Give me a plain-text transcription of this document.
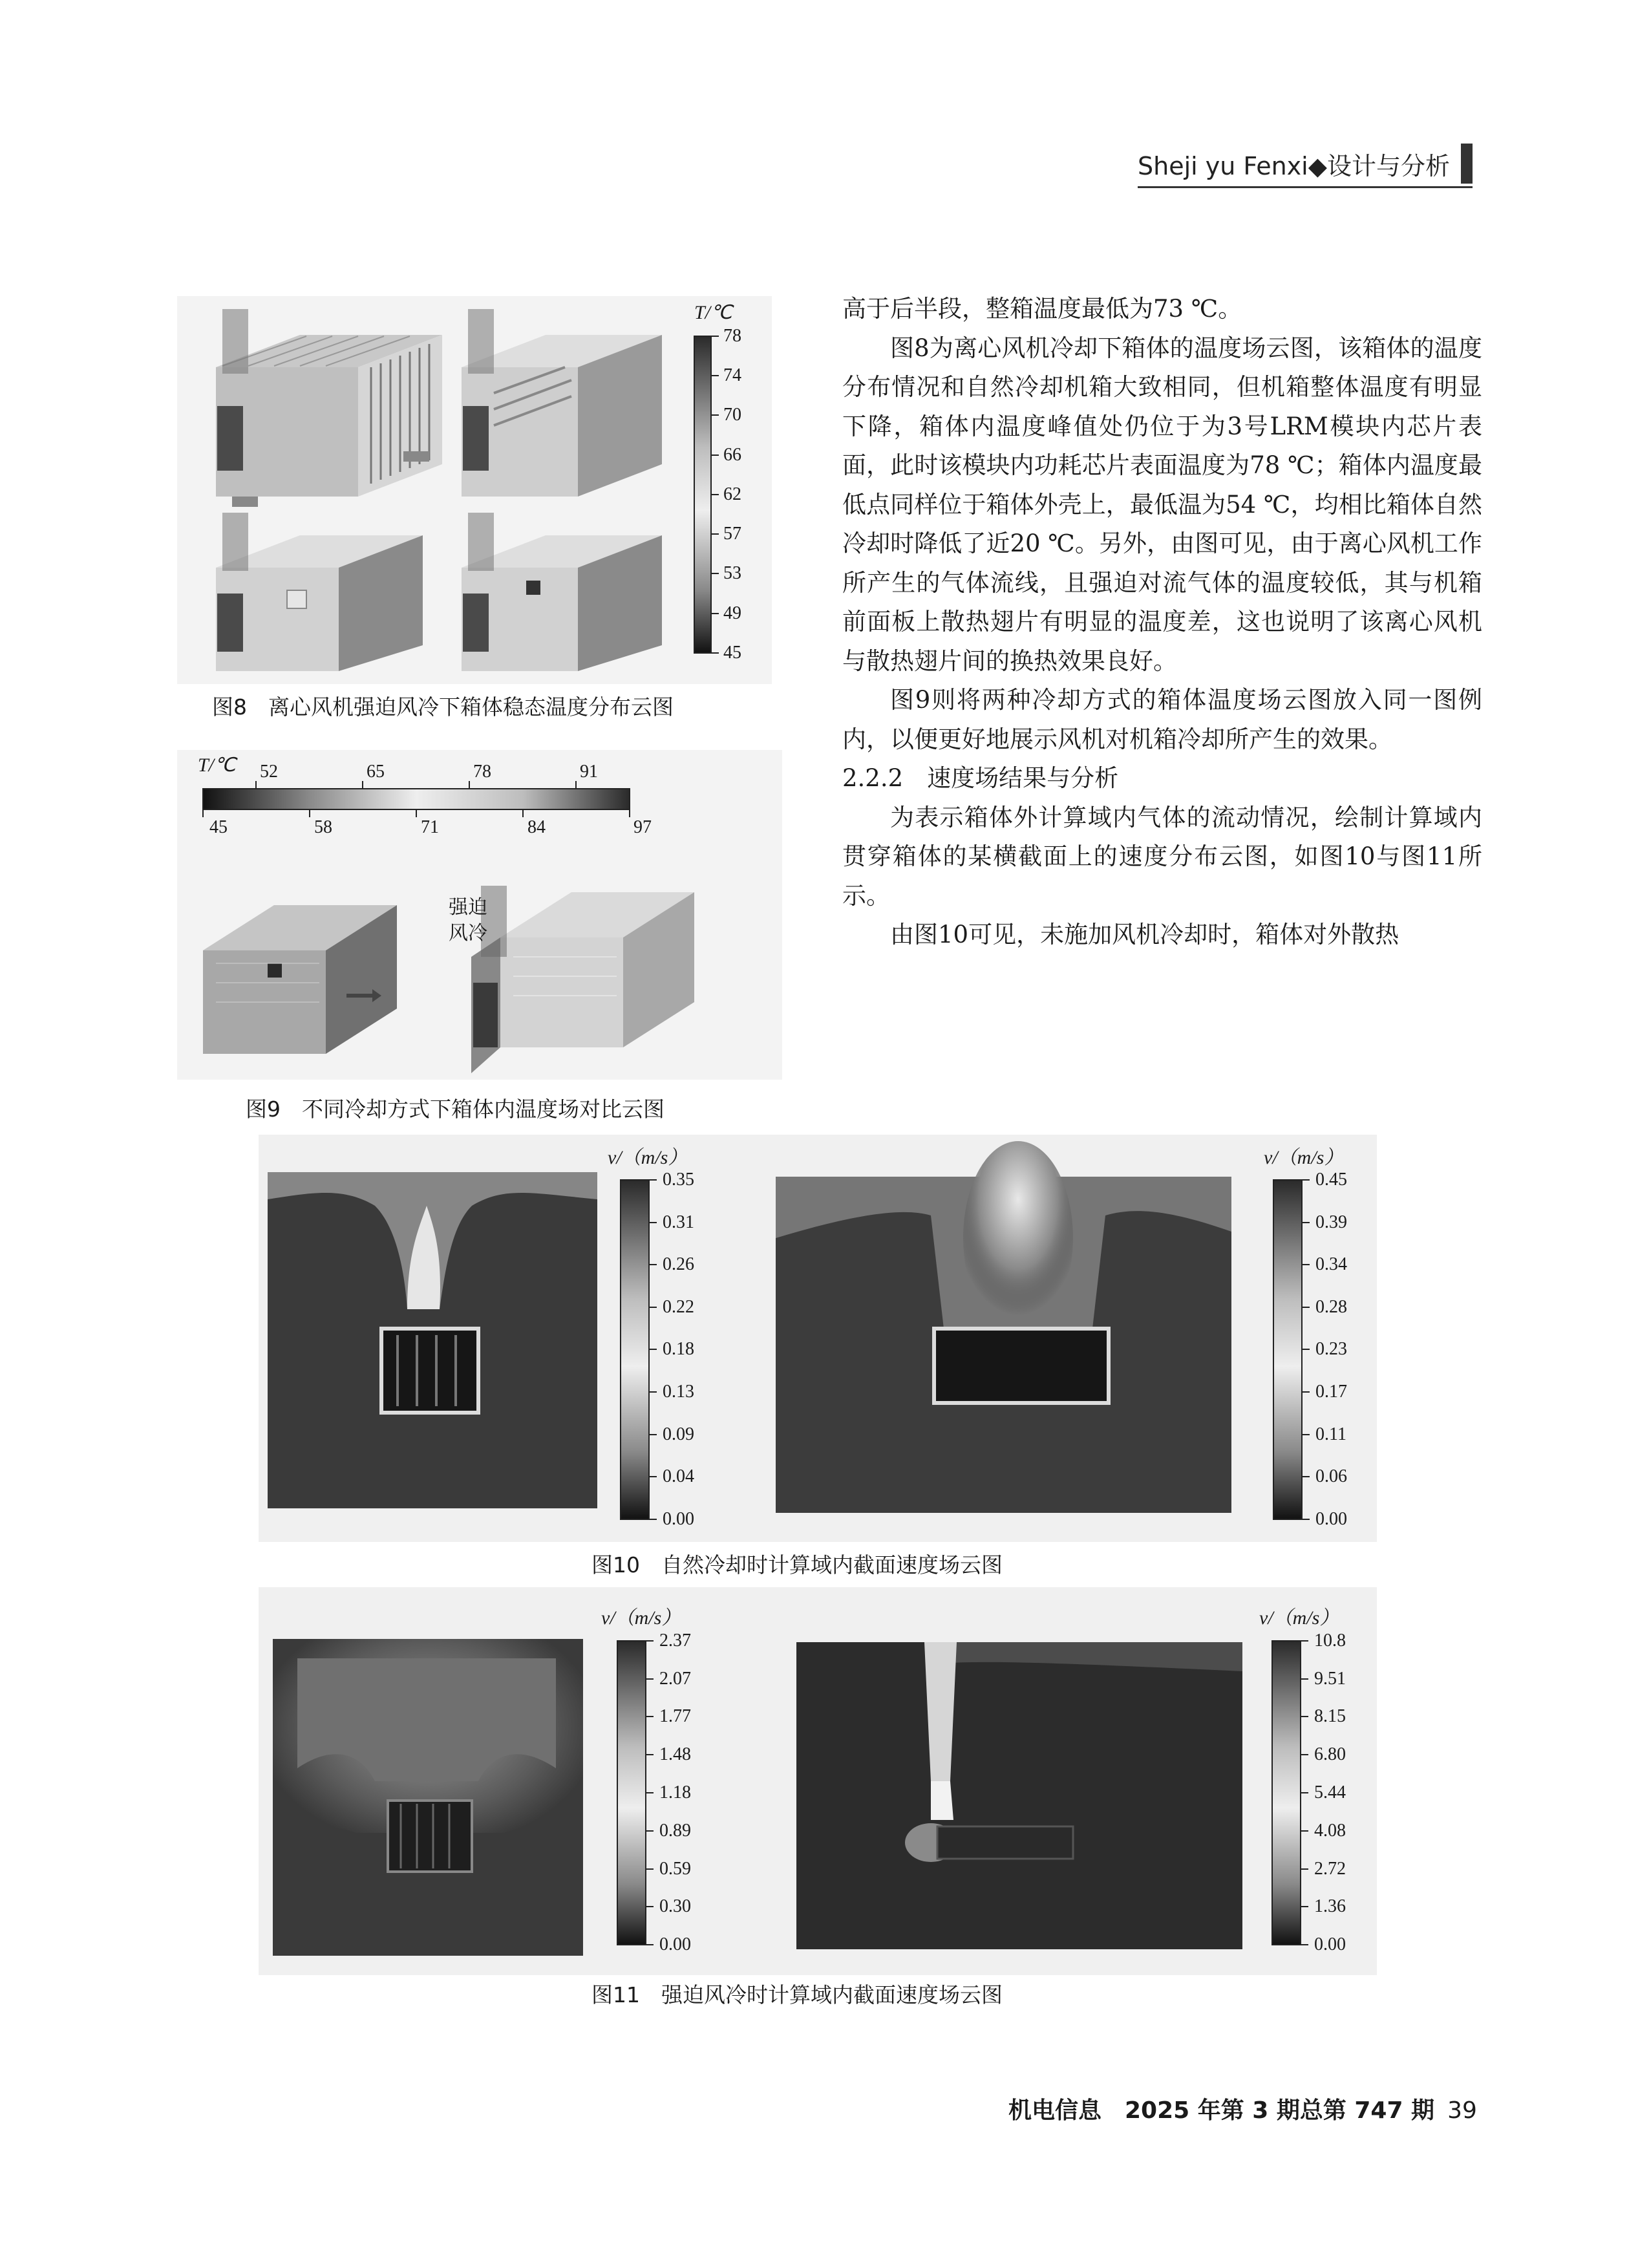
Sheji yu Fenxi◆设计与分析
T/℃
78
74
70
66
62
57
53
49
45
图8　离心风机强迫风冷下箱体稳态温度分布云图
T/℃ 52	65	78	91
45	58	71	84	97
强迫
风冷
图9　不同冷却方式下箱体内温度场对比云图

高于后半段，整箱温度最低为73 ℃。

图8为离心风机冷却下箱体的温度场云图，该箱体的温度分布情况和自然冷却机箱大致相同，但机箱整体温度有明显下降，箱体内温度峰值处仍位于为3号LRM模块内芯片表面，此时该模块内功耗芯片表面温度为78 ℃；箱体内温度最低点同样位于箱体外壳上，最低温为54 ℃，均相比箱体自然冷却时降低了近20 ℃。另外，由图可见，由于离心风机工作所产生的气体流线，且强迫对流气体的温度较低，其与机箱前面板上散热翅片有明显的温度差，这也说明了该离心风机与散热翅片间的换热效果良好。

图9则将两种冷却方式的箱体温度场云图放入同一图例内，以便更好地展示风机对机箱冷却所产生的效果。

2.2.2　速度场结果与分析

为表示箱体外计算域内气体的流动情况，绘制计算域内贯穿箱体的某横截面上的速度分布云图，如图10与图11所示。

由图10可见，未施加风机冷却时，箱体对外散热

v/（m/s）	v/（m/s）
0.35
0.31
0.26
0.22
0.18
0.13
0.09
0.04
0.00
0.45
0.39
0.34
0.28
0.23
0.17
0.11
0.06
0.00
图10　自然冷却时计算域内截面速度场云图
v/（m/s）	v/（m/s）
2.37
2.07
1.77
1.48
1.18
0.89
0.59
0.30
0.00
10.8
9.51
8.15
6.80
5.44
4.08
2.72
1.36
0.00
图11　强迫风冷时计算域内截面速度场云图
机电信息　2025 年第 3 期总第 747 期 39
